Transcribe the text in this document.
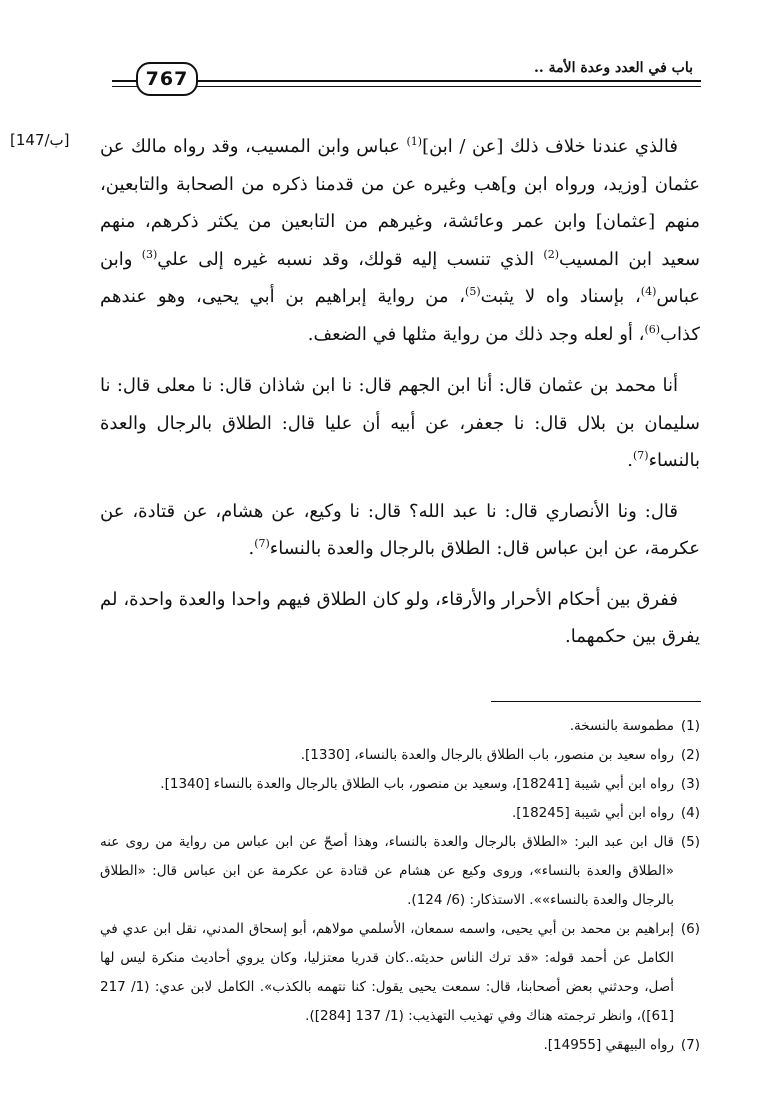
767	باب في العدد وعدة الأمة ..
[147/ب]	فالذي عندنا خلاف ذلك [عن / ابن]$^{(1)}$ عباس وابن المسيب، وقد رواه مالك عن عثمان [وزيد، ورواه ابن و]هب وغيره عن من قدمنا ذكره من الصحابة والتابعين، منهم [عثمان] وابن عمر وعائشة، وغيرهم من التابعين من يكثر ذكرهم، منهم سعيد ابن المسيب$^{(2)}$ الذي تنسب إليه قولك، وقد نسبه غيره إلى علي$^{(3)}$ وابن عباس$^{(4)}$، بإسناد واه لا يثبت$^{(5)}$، من رواية إبراهيم بن أبي يحيى، وهو عندهم كذاب$^{(6)}$، أو لعله وجد ذلك من رواية مثلها في الضعف.

أنا محمد بن عثمان قال: أنا ابن الجهم قال: نا ابن شاذان قال: نا معلى قال: نا سليمان بن بلال قال: نا جعفر، عن أبيه أن عليا قال: الطلاق بالرجال والعدة بالنساء$^{(7)}$.

قال: ونا الأنصاري قال: نا عبد الله؟ قال: نا وكيع، عن هشام، عن قتادة، عن عكرمة، عن ابن عباس قال: الطلاق بالرجال والعدة بالنساء$^{(7)}$.

ففرق بين أحكام الأحرار والأرقاء، ولو كان الطلاق فيهم واحدا والعدة واحدة، لم يفرق بين حكمهما.

(1)
مطموسة بالنسخة.
(2)
رواه سعيد بن منصور، باب الطلاق بالرجال والعدة بالنساء، [1330].
(3)
رواه ابن أبي شيبة [18241]، وسعيد بن منصور، باب الطلاق بالرجال والعدة بالنساء [1340].
(4)
رواه ابن أبي شيبة [18245].
(5)
قال ابن عبد البر: «الطلاق بالرجال والعدة بالنساء، وهذا أصحّ عن ابن عباس من رواية من روى عنه «الطلاق والعدة بالنساء»، وروى وكيع عن هشام عن قتادة عن عكرمة عن ابن عباس قال: «الطلاق بالرجال والعدة بالنساء»». الاستذكار: (6/ 124).
(6)
إبراهيم بن محمد بن أبي يحيى، واسمه سمعان، الأسلمي مولاهم، أبو إسحاق المدني، نقل ابن عدي في الكامل عن أحمد قوله: «قد ترك الناس حديثه..كان قدريا معتزليا، وكان يروي أحاديث منكرة ليس لها أصل، وحدثني بعض أصحابنا، قال: سمعت يحيى يقول: كنا نتهمه بالكذب». الكامل لابن عدي: (1/ 217 [61])، وانظر ترجمته هناك وفي تهذيب التهذيب: (1/ 137 [284]).
(7)
رواه البيهقي [14955].
